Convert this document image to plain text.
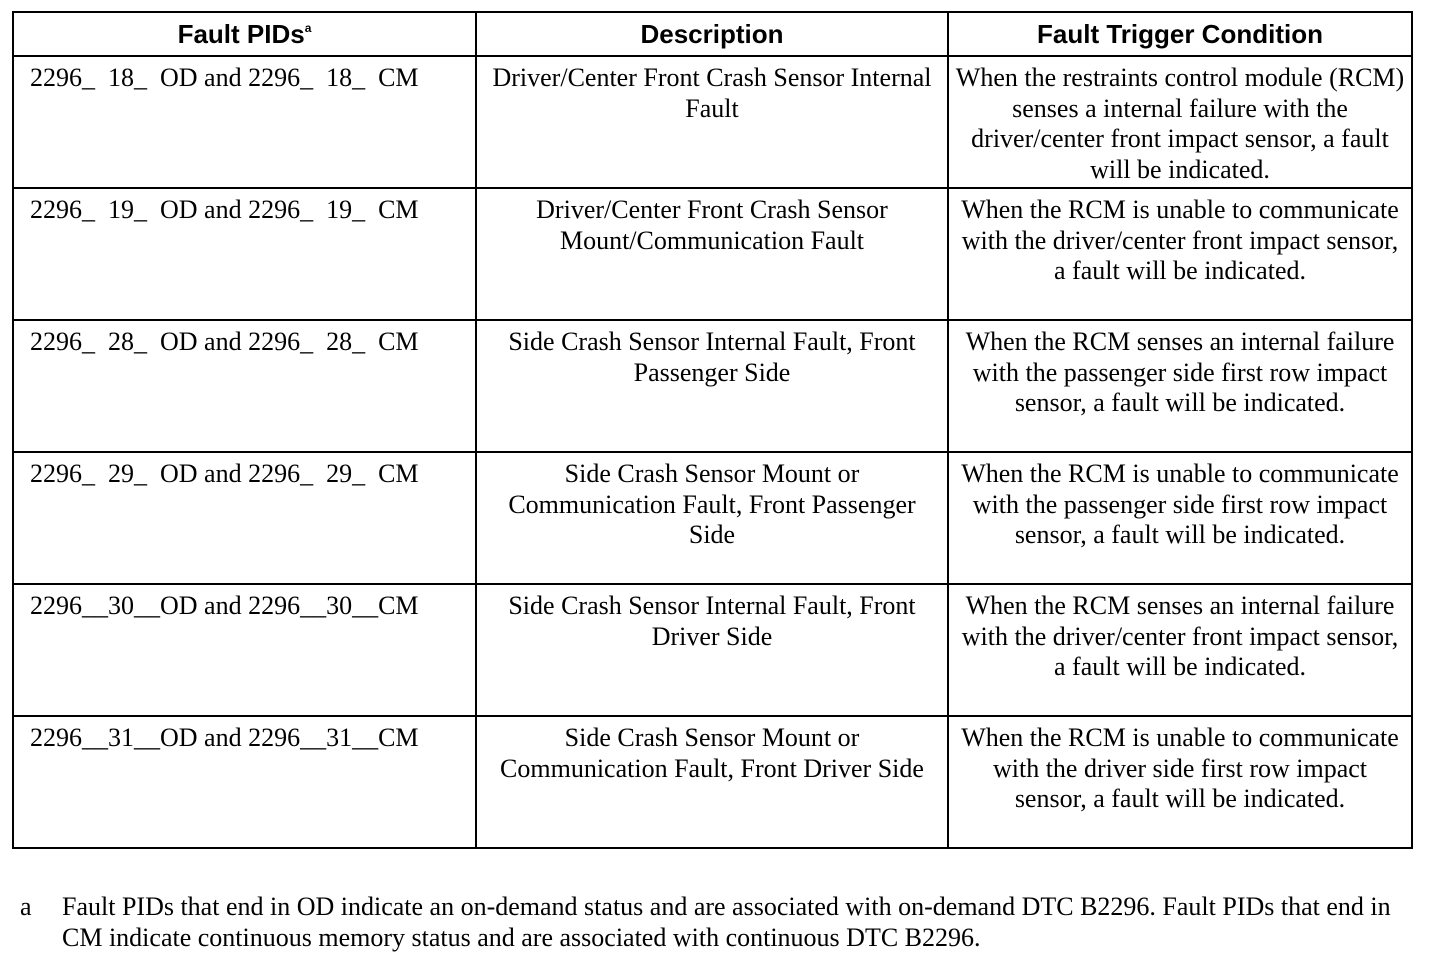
Fault PIDs$^a$	Description	Fault Trigger Condition
2296_  18_  OD and 2296_  18_  CM	Driver/Center Front Crash Sensor Internal Fault	When the restraints control module (RCM) senses a internal failure with the driver/center front impact sensor, a fault will be indicated.

2296_  19_  OD and 2296_  19_  CM	Driver/Center Front Crash Sensor Mount/Communication Fault	When the RCM is unable to communicate with the driver/center front impact sensor, a fault will be indicated.

2296_  28_  OD and 2296_  28_  CM	Side Crash Sensor Internal Fault, Front Passenger Side	When the RCM senses an internal failure with the passenger side first row impact sensor, a fault will be indicated.

2296_  29_  OD and 2296_  29_  CM	Side Crash Sensor Mount or Communication Fault, Front Passenger Side	When the RCM is unable to communicate with the passenger side first row impact sensor, a fault will be indicated.

2296__30__OD and 2296__30__CM	Side Crash Sensor Internal Fault, Front Driver Side	When the RCM senses an internal failure with the driver/center front impact sensor, a fault will be indicated.

2296__31__OD and 2296__31__CM	Side Crash Sensor Mount or Communication Fault, Front Driver Side	When the RCM is unable to communicate with the driver side first row impact sensor, a fault will be indicated.
a	Fault PIDs that end in OD indicate an on-demand status and are associated with on-demand DTC B2296. Fault PIDs that end in CM indicate continuous memory status and are associated with continuous DTC B2296.
